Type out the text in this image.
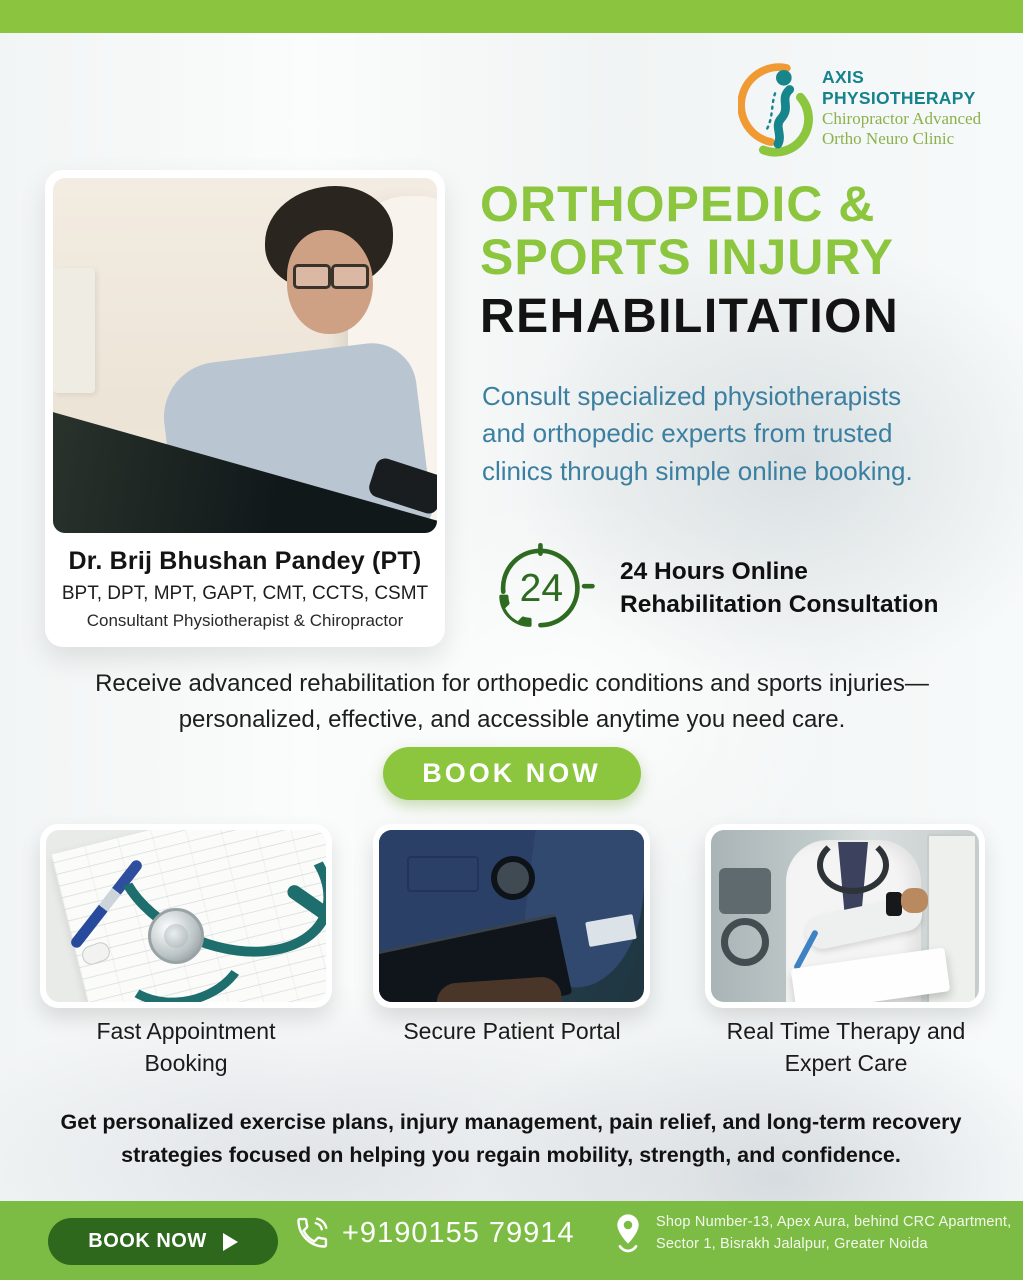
AXIS PHYSIOTHERAPY
Chiropractor Advanced
Ortho Neuro Clinic
Dr. Brij Bhushan Pandey (PT)
BPT, DPT, MPT, GAPT, CMT, CCTS, CSMT
Consultant Physiotherapist & Chiropractor
ORTHOPEDIC &
SPORTS INJURY
REHABILITATION
Consult specialized physiotherapists and orthopedic experts from trusted clinics through simple online booking.
24 24 Hours Online
Rehabilitation Consultation
Receive advanced rehabilitation for orthopedic conditions and sports injuries—personalized, effective, and accessible anytime you need care.
BOOK NOW
Fast Appointment Booking
Secure Patient Portal	Real Time Therapy and Expert Care
Get personalized exercise plans, injury management, pain relief, and long-term recovery strategies focused on helping you regain mobility, strength, and confidence.
BOOK NOW	+9190155 79914	Shop Number-13, Apex Aura, behind CRC Apartment,
Sector 1, Bisrakh Jalalpur, Greater Noida
